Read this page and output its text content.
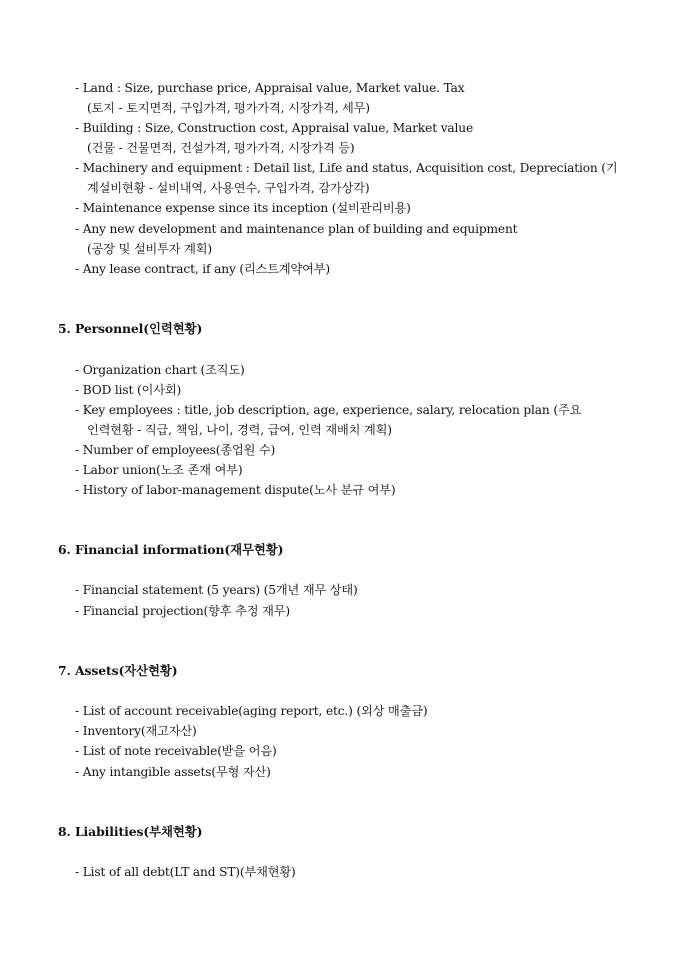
- Land : Size, purchase price, Appraisal value, Market value. Tax
(토지 - 토지면적, 구입가격, 평가가격, 시장가격, 세무)
- Building : Size, Construction cost, Appraisal value, Market value
(건물 - 건물면적, 건설가격, 평가가격, 시장가격 등)
- Machinery and equipment : Detail list, Life and status, Acquisition cost, Depreciation (기
계설비현황 - 설비내역, 사용연수, 구입가격, 감가상각)
- Maintenance expense since its inception (설비관리비용)
- Any new development and maintenance plan of building and equipment
(공장 및 설비투자 계획)
- Any lease contract, if any (리스트계약여부)
5. Personnel(인력현황)
- Organization chart (조직도)
- BOD list (이사회)
- Key employees : title, job description, age, experience, salary, relocation plan (주요
인력현황 - 직급, 책임, 나이, 경력, 급여, 인력 재배치 계획)
- Number of employees(종업원 수)
- Labor union(노조 존재 여부)
- History of labor-management dispute(노사 분규 여부)
6. Financial information(재무현황)
- Financial statement (5 years) (5개년 재무 상태)
- Financial projection(향후 추정 재무)
7. Assets(자산현황)
- List of account receivable(aging report, etc.) (외상 매출금)
- Inventory(재고자산)
- List of note receivable(받을 어음)
- Any intangible assets(무형 자산)
8. Liabilities(부채현황)
- List of all debt(LT and ST)(부채현황)
